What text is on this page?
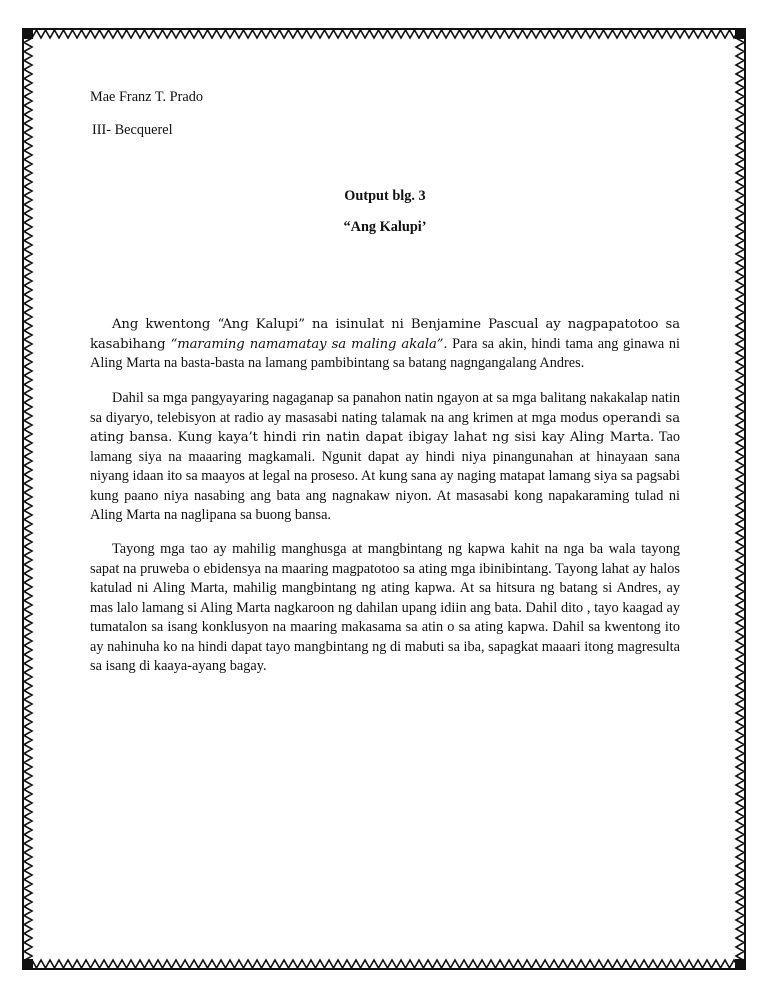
Mae Franz T. Prado
III- Becquerel
Output blg. 3
“Ang Kalupi’

Ang kwentong “Ang Kalupi” na isinulat ni Benjamine Pascual ay nagpapatotoo sa kasabihang “maraming namamatay sa maling akala”. Para sa akin, hindi tama ang ginawa ni Aling Marta na basta-basta na lamang pambibintang sa batang nagngangalang Andres.

Dahil sa mga pangyayaring nagaganap sa panahon natin ngayon at sa mga balitang nakakalap natin sa diyaryo, telebisyon at radio ay masasabi nating talamak na ang krimen at mga modus operandi sa ating bansa. Kung kaya’t hindi rin natin dapat ibigay lahat ng sisi kay Aling Marta. Tao lamang siya na maaaring magkamali. Ngunit dapat ay hindi niya pinangunahan at hinayaan sana niyang idaan ito sa maayos at legal na proseso. At kung sana ay naging matapat lamang siya sa pagsabi kung paano niya nasabing ang bata ang nagnakaw niyon. At masasabi kong napakaraming tulad ni Aling Marta na naglipana sa buong bansa.

Tayong mga tao ay mahilig manghusga at mangbintang ng kapwa kahit na nga ba wala tayong sapat na pruweba o ebidensya na maaring magpatotoo sa ating mga ibinibintang. Tayong lahat ay halos katulad ni Aling Marta, mahilig mangbintang ng ating kapwa. At sa hitsura ng batang si Andres, ay mas lalo lamang si Aling Marta nagkaroon ng dahilan upang idiin ang bata. Dahil dito , tayo kaagad ay tumatalon sa isang konklusyon na maaring makasama sa atin o sa ating kapwa. Dahil sa kwentong ito ay nahinuha ko na hindi dapat tayo mangbintang ng di mabuti sa iba, sapagkat maaari itong magresulta sa isang di kaaya-ayang bagay.
